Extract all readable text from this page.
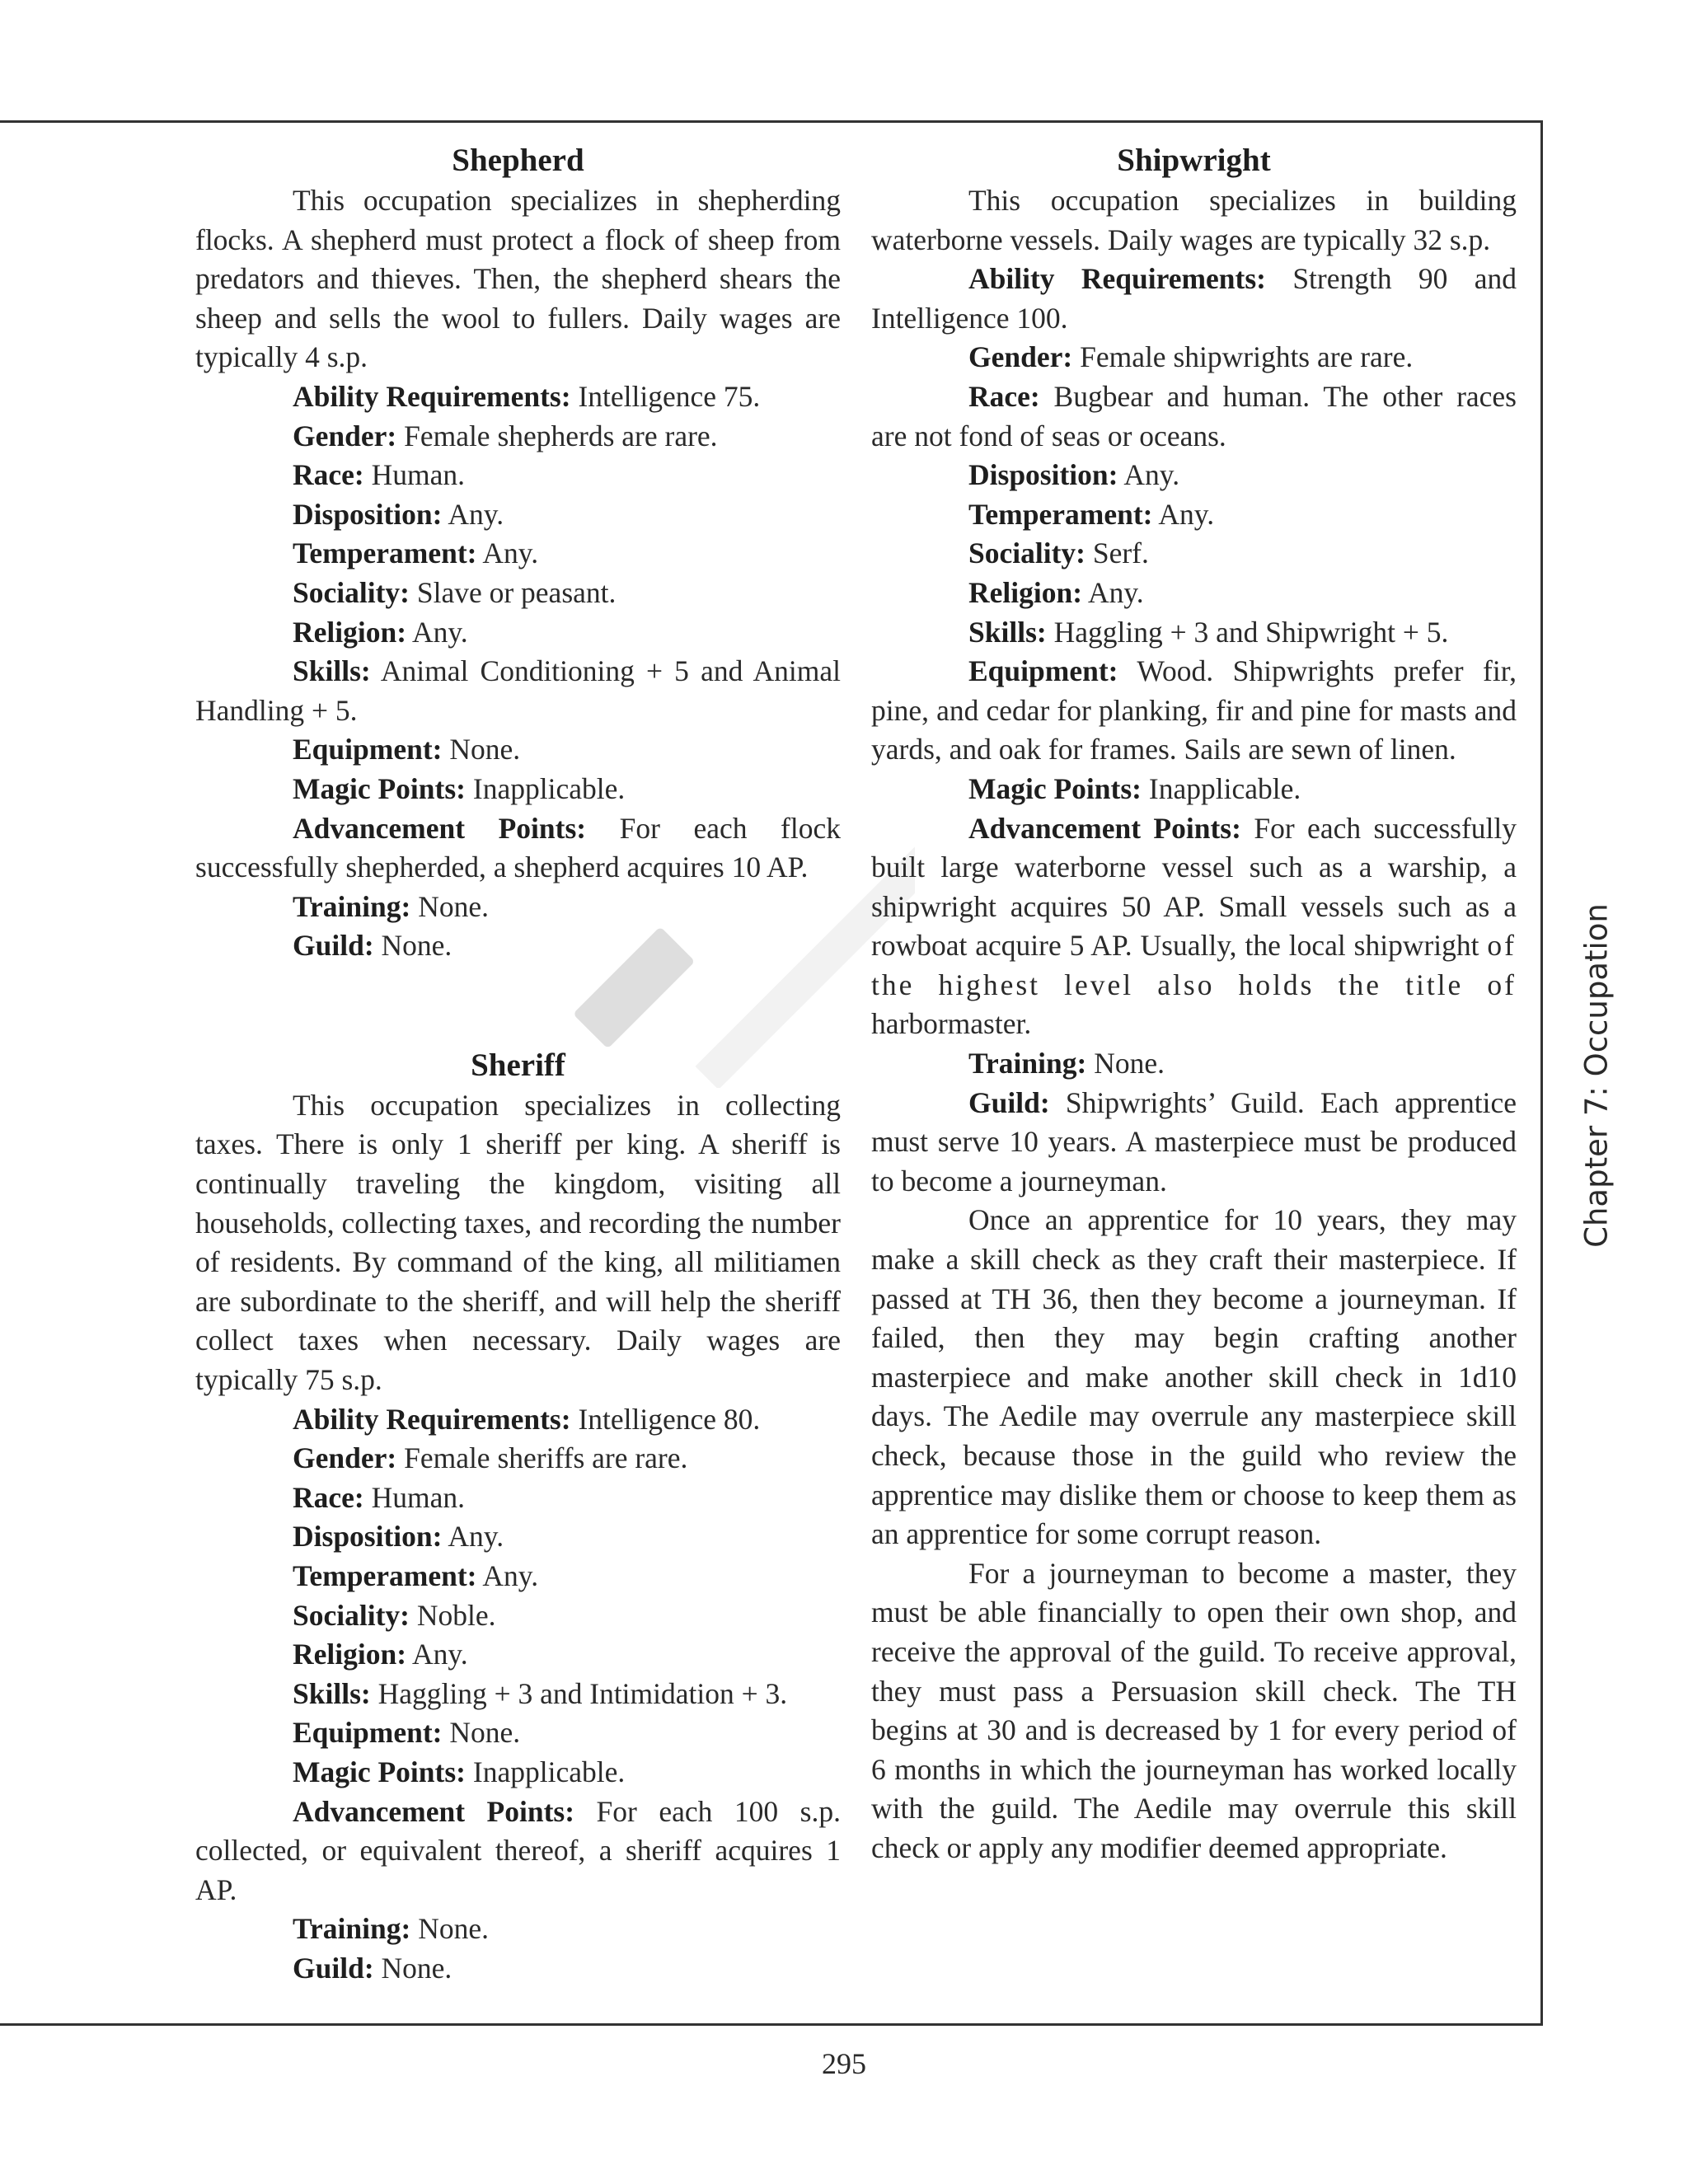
Shepherd

This occupation specializes in shepherding flocks. A shepherd must protect a flock of sheep from predators and thieves. Then, the shepherd shears the sheep and sells the wool to fullers. Daily wages are typically 4 s.p.

Ability Requirements: Intelligence 75.

Gender: Female shepherds are rare.

Race: Human.

Disposition: Any.

Temperament: Any.

Sociality: Slave or peasant.

Religion: Any.

Skills: Animal Conditioning + 5 and Animal Handling + 5.

Equipment: None.

Magic Points: Inapplicable.

Advancement Points: For each flock successfully shepherded, a shepherd acquires 10 AP.

Training: None.

Guild: None.

Sheriff

This occupation specializes in collecting taxes. There is only 1 sheriff per king. A sheriff is continually traveling the kingdom, visiting all households, collecting taxes, and recording the number of residents. By command of the king, all militiamen are subordinate to the sheriff, and will help the sheriff collect taxes when necessary. Daily wages are typically 75 s.p.

Ability Requirements: Intelligence 80.

Gender: Female sheriffs are rare.

Race: Human.

Disposition: Any.

Temperament: Any.

Sociality: Noble.

Religion: Any.

Skills: Haggling + 3 and Intimidation + 3.

Equipment: None.

Magic Points: Inapplicable.

Advancement Points: For each 100 s.p. collected, or equivalent thereof, a sheriff acquires 1 AP.

Training: None.

Guild: None.

Shipwright

This occupation specializes in building waterborne vessels. Daily wages are typically 32 s.p.

Ability Requirements: Strength 90 and Intelligence 100.

Gender: Female shipwrights are rare.

Race: Bugbear and human. The other races are not fond of seas or oceans.

Disposition: Any.

Temperament: Any.

Sociality: Serf.

Religion: Any.

Skills: Haggling + 3 and Shipwright + 5.

Equipment: Wood. Shipwrights prefer fir, pine, and cedar for planking, fir and pine for masts and yards, and oak for frames. Sails are sewn of linen.

Magic Points: Inapplicable.

Advancement Points: For each successfully built large waterborne vessel such as a warship, a shipwright acquires 50 AP. Small vessels such as a rowboat acquire 5 AP. Usually, the local shipwright of the highest level also holds the title of harbormaster.

Training: None.

Guild: Shipwrights’ Guild. Each apprentice must serve 10 years. A masterpiece must be produced to become a journeyman.

Once an apprentice for 10 years, they may make a skill check as they craft their masterpiece. If passed at TH 36, then they become a journeyman. If failed, then they may begin crafting another masterpiece and make another skill check in 1d10 days. The Aedile may overrule any masterpiece skill check, because those in the guild who review the apprentice may dislike them or choose to keep them as an apprentice for some corrupt reason.

For a journeyman to become a master, they must be able financially to open their own shop, and receive the approval of the guild. To receive approval, they must pass a Persuasion skill check. The TH begins at 30 and is decreased by 1 for every period of 6 months in which the journeyman has worked locally with the guild. The Aedile may overrule this skill check or apply any modifier deemed appropriate.

Chapter 7: Occupation
295
